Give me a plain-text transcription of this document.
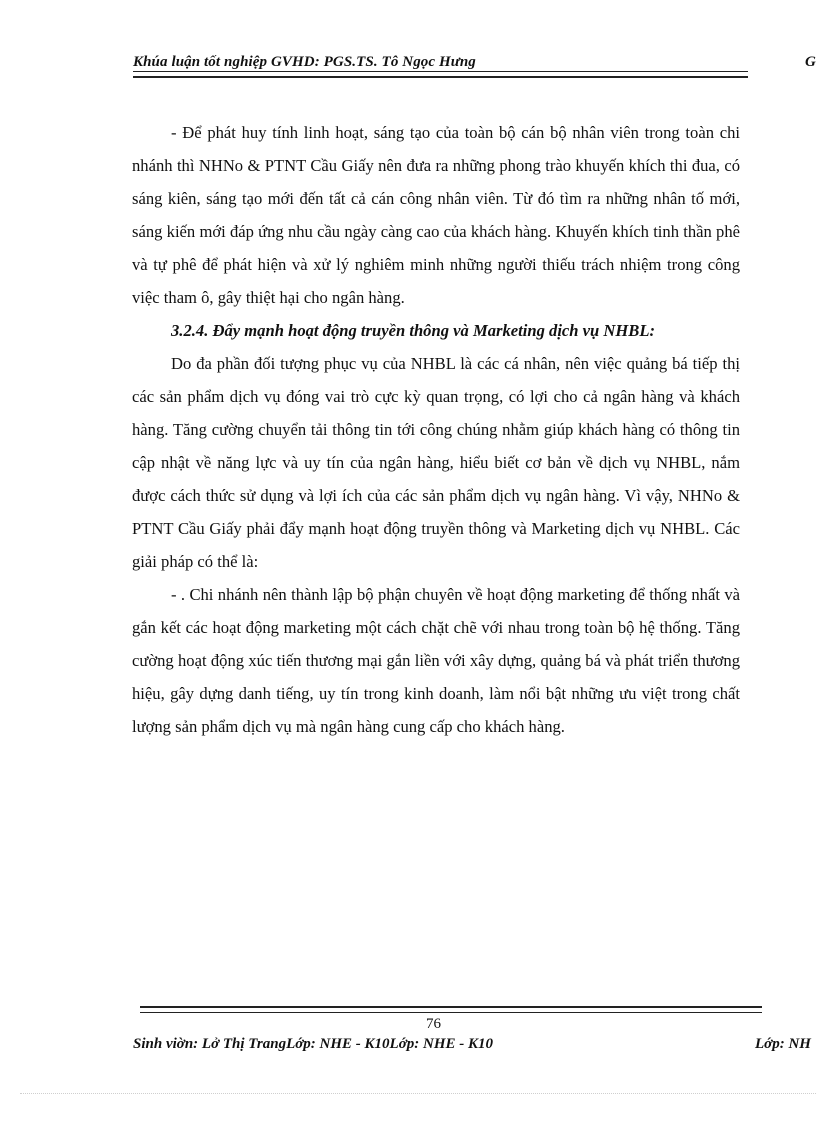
Khúa luận tốt nghiệp GVHD: PGS.TS. Tô Ngọc Hưng	G

- Để phát huy tính linh hoạt, sáng tạo của toàn bộ cán bộ nhân viên trong toàn chi nhánh thì NHNo & PTNT Cầu Giấy nên đưa ra những phong trào khuyến khích thi đua, có sáng kiên, sáng tạo mới đến tất cả cán công nhân viên. Từ đó tìm ra những nhân tố mới, sáng kiến mới đáp ứng nhu cầu ngày càng cao của khách hàng. Khuyến khích tinh thần phê và tự phê để phát hiện và xử lý nghiêm minh những người thiếu trách nhiệm trong công việc tham ô, gây thiệt hại cho ngân hàng.

3.2.4. Đẩy mạnh hoạt động truyền thông và Marketing dịch vụ NHBL:

Do đa phần đối tượng phục vụ của NHBL là các cá nhân, nên việc quảng bá tiếp thị các sản phẩm dịch vụ đóng vai trò cực kỳ quan trọng, có lợi cho cả ngân hàng và khách hàng. Tăng cường chuyển tải thông tin tới công chúng nhằm giúp khách hàng có thông tin cập nhật về năng lực và uy tín của ngân hàng, hiểu biết cơ bản về dịch vụ NHBL, nắm được cách thức sử dụng và lợi ích của các sản phẩm dịch vụ ngân hàng. Vì vậy, NHNo & PTNT Cầu Giấy phải đẩy mạnh hoạt động truyền thông và Marketing dịch vụ NHBL. Các giải pháp có thể là:

- . Chi nhánh nên thành lập bộ phận chuyên về hoạt động marketing để thống nhất và gắn kết các hoạt động marketing một cách chặt chẽ với nhau trong toàn bộ hệ thống. Tăng cường hoạt động xúc tiến thương mại gắn liền với xây dựng, quảng bá và phát triển thương hiệu, gây dựng danh tiếng, uy tín trong kinh doanh, làm nổi bật những ưu việt trong chất lượng sản phẩm dịch vụ mà ngân hàng cung cấp cho khách hàng.

76
Sinh viờn: Lở Thị TrangLớp: NHE - K10Lớp: NHE - K10	Lớp: NH
